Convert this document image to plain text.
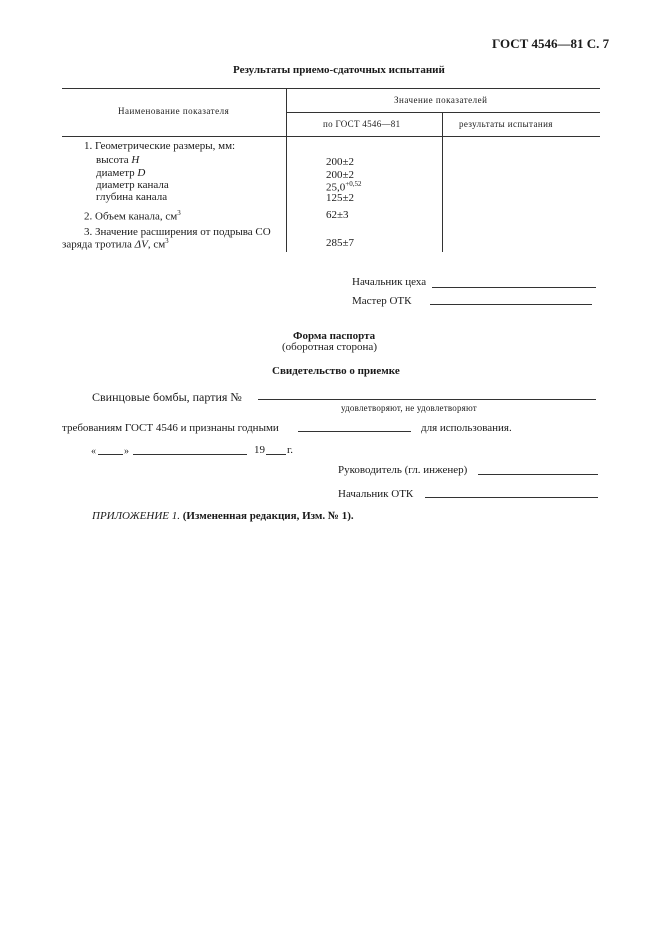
ГОСТ 4546—81 С. 7
Результаты приемо-сдаточных испытаний
Наименование показателя
Значение показателей
по ГОСТ 4546—81	результаты испытания
1. Геометрические размеры, мм:
высота H	200±2
диаметр D	200±2
диаметр канала	$25,0^{+0,52}$
глубина канала	125±2
2. Объем канала, $см^3$	62±3
3. Значение расширения от подрыва СО
заряда тротила ΔV, $см^3$	285±7
Начальник цеха
Мастер ОТК
Форма паспорта
(оборотная сторона)
Свидетельство о приемке
Свинцовые бомбы, партия №
удовлетворяют, не удовлетворяют
требованиям ГОСТ 4546 и признаны годными	для использования.
«	»	19 г.
Руководитель (гл. инженер)
Начальник ОТК
ПРИЛОЖЕНИЕ 1. (Измененная редакция, Изм. № 1).
